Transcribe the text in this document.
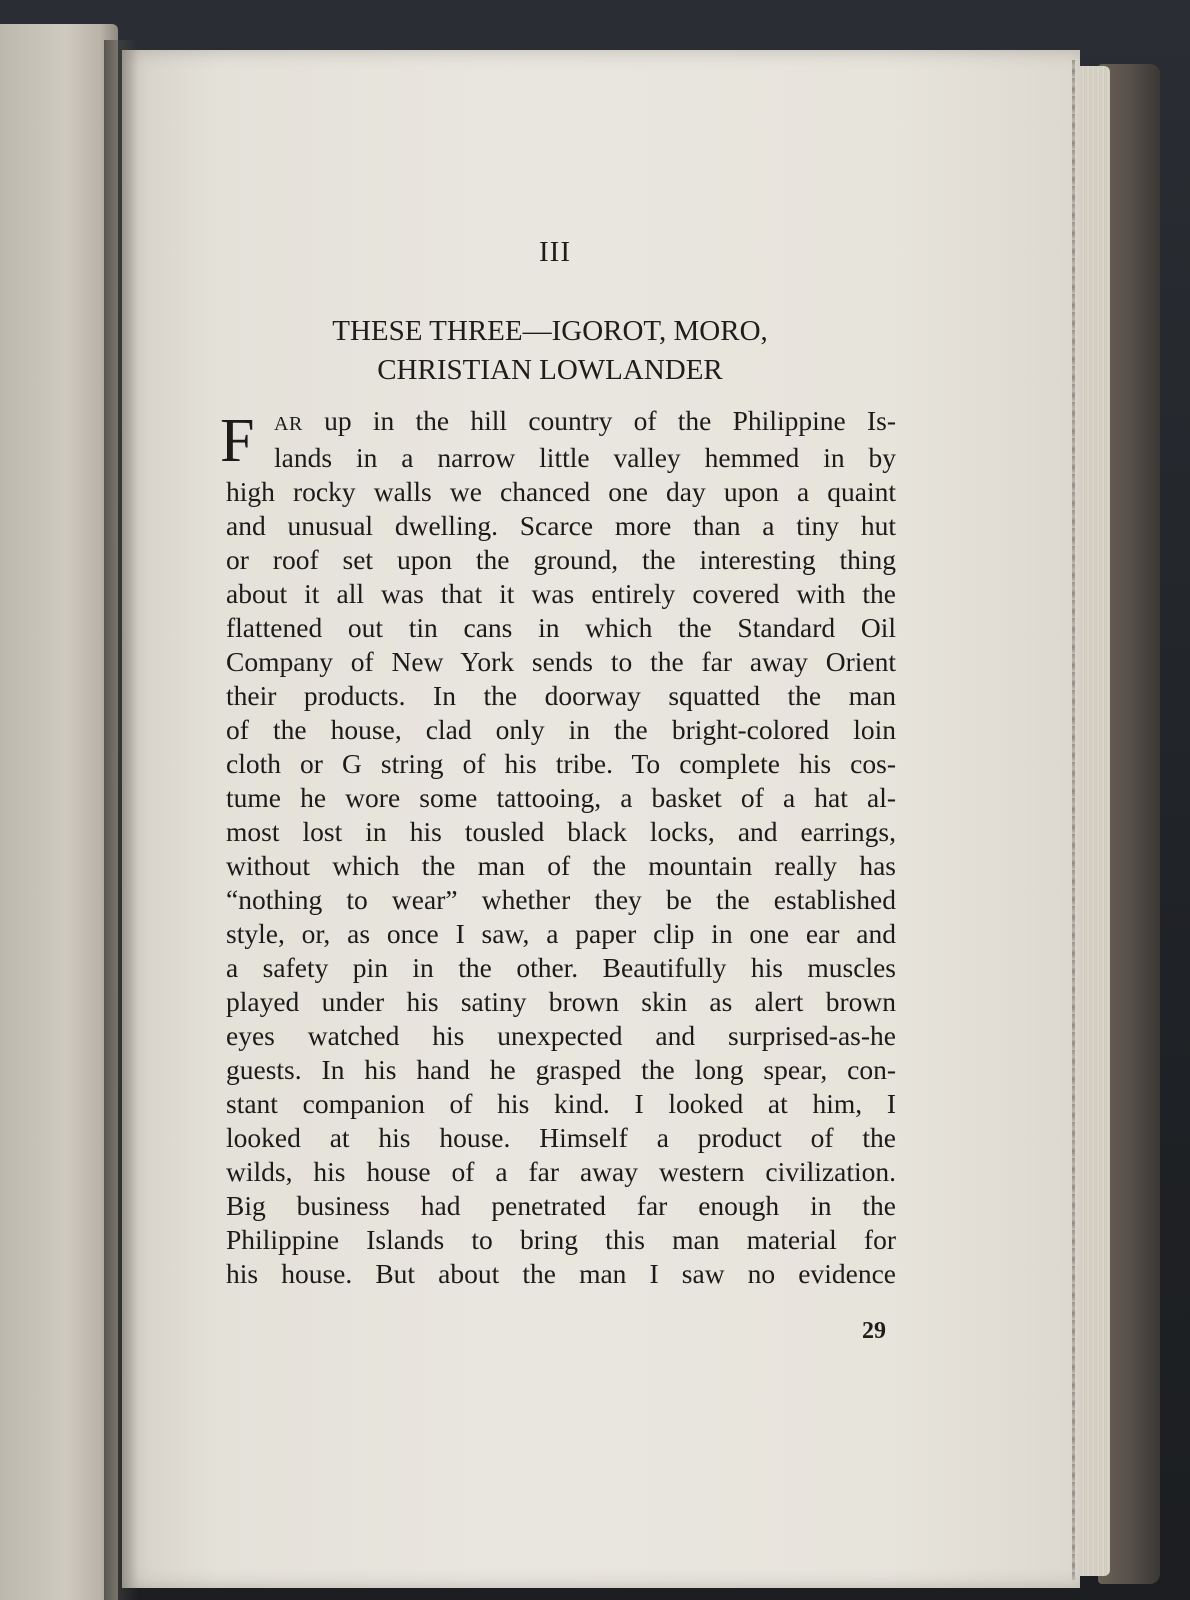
III
THESE THREE—IGOROT, MORO,
CHRISTIAN LOWLANDER
F AR up in the hill country of the Philippine Is-
lands in a narrow little valley hemmed in by
high rocky walls we chanced one day upon a quaint
and unusual dwelling. Scarce more than a tiny hut
or roof set upon the ground, the interesting thing
about it all was that it was entirely covered with the
flattened out tin cans in which the Standard Oil
Company of New York sends to the far away Orient
their products. In the doorway squatted the man
of the house, clad only in the bright-colored loin
cloth or G string of his tribe. To complete his cos-
tume he wore some tattooing, a basket of a hat al-
most lost in his tousled black locks, and earrings,
without which the man of the mountain really has
“nothing to wear” whether they be the established
style, or, as once I saw, a paper clip in one ear and
a safety pin in the other. Beautifully his muscles
played under his satiny brown skin as alert brown
eyes watched his unexpected and surprised-as-he
guests. In his hand he grasped the long spear, con-
stant companion of his kind. I looked at him, I
looked at his house. Himself a product of the
wilds, his house of a far away western civilization.
Big business had penetrated far enough in the
Philippine Islands to bring this man material for
his house. But about the man I saw no evidence
29
